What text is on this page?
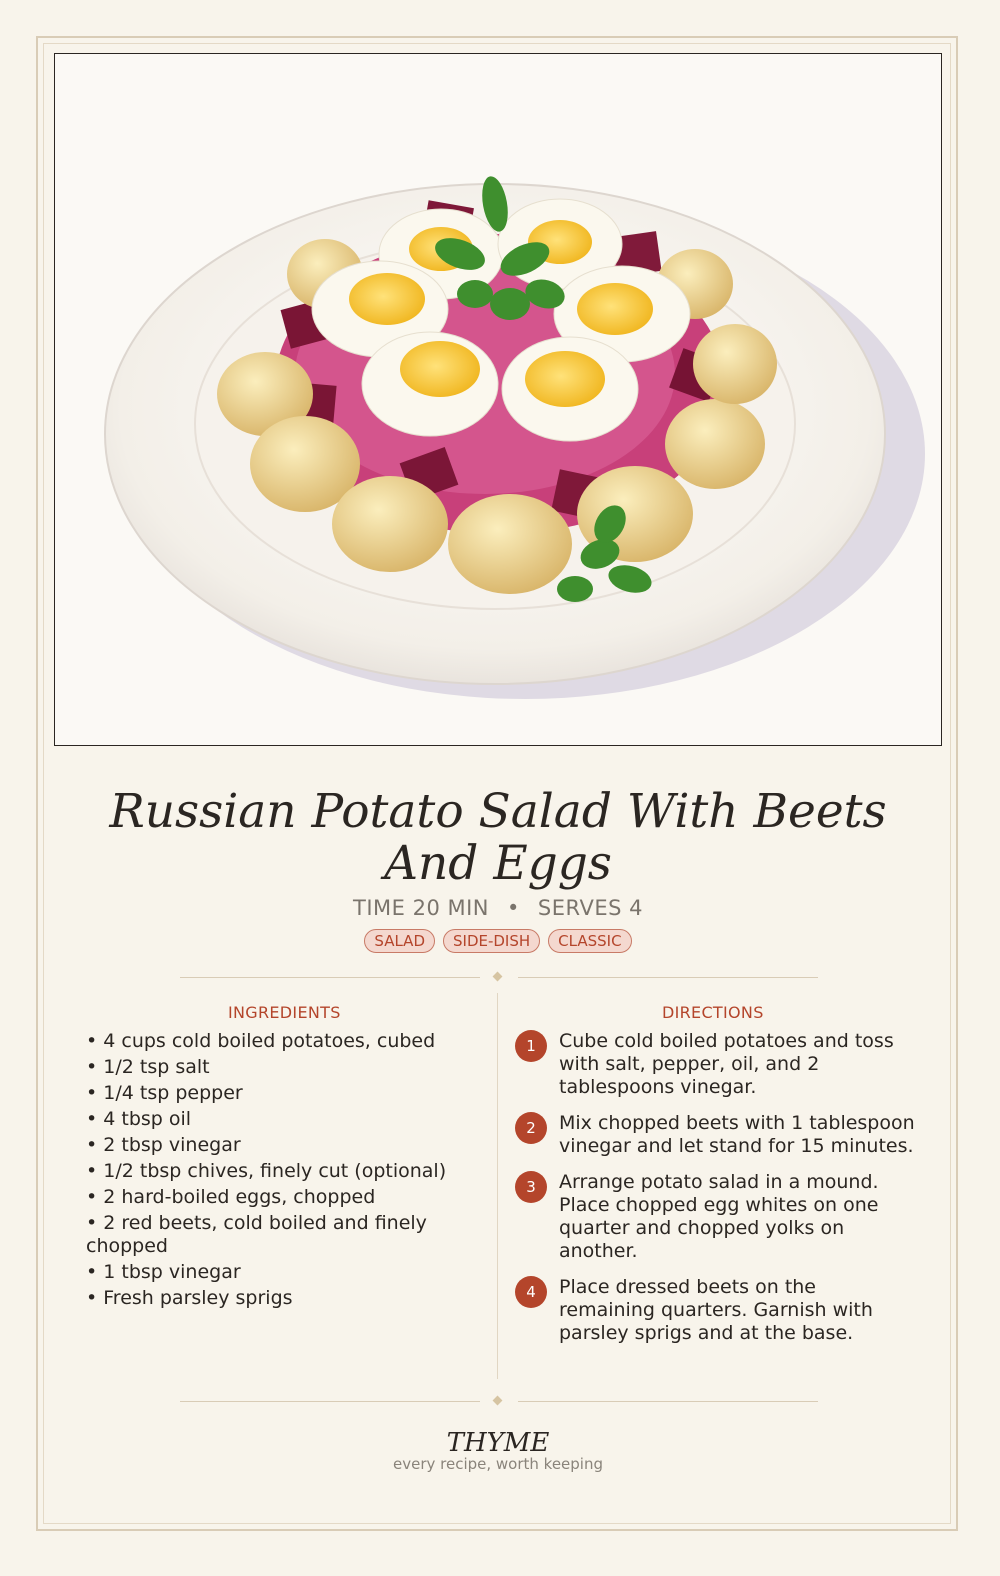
Russian Potato Salad With Beets And Eggs
TIME 20 MIN • SERVES 4
SALAD	SIDE-DISH	CLASSIC
INGREDIENTS	DIRECTIONS
• 4 cups cold boiled potatoes, cubed
• 1/2 tsp salt
• 1/4 tsp pepper
• 4 tbsp oil
• 2 tbsp vinegar
• 1/2 tbsp chives, finely cut (optional)
• 2 hard-boiled eggs, chopped
• 2 red beets, cold boiled and finely chopped
• 1 tbsp vinegar
• Fresh parsley sprigs
1	Cube cold boiled potatoes and toss with salt, pepper, oil, and 2 tablespoons vinegar.
2	Mix chopped beets with 1 tablespoon vinegar and let stand for 15 minutes.
3	Arrange potato salad in a mound. Place chopped egg whites on one quarter and chopped yolks on another.
4	Place dressed beets on the remaining quarters. Garnish with parsley sprigs and at the base.
THYME
every recipe, worth keeping
